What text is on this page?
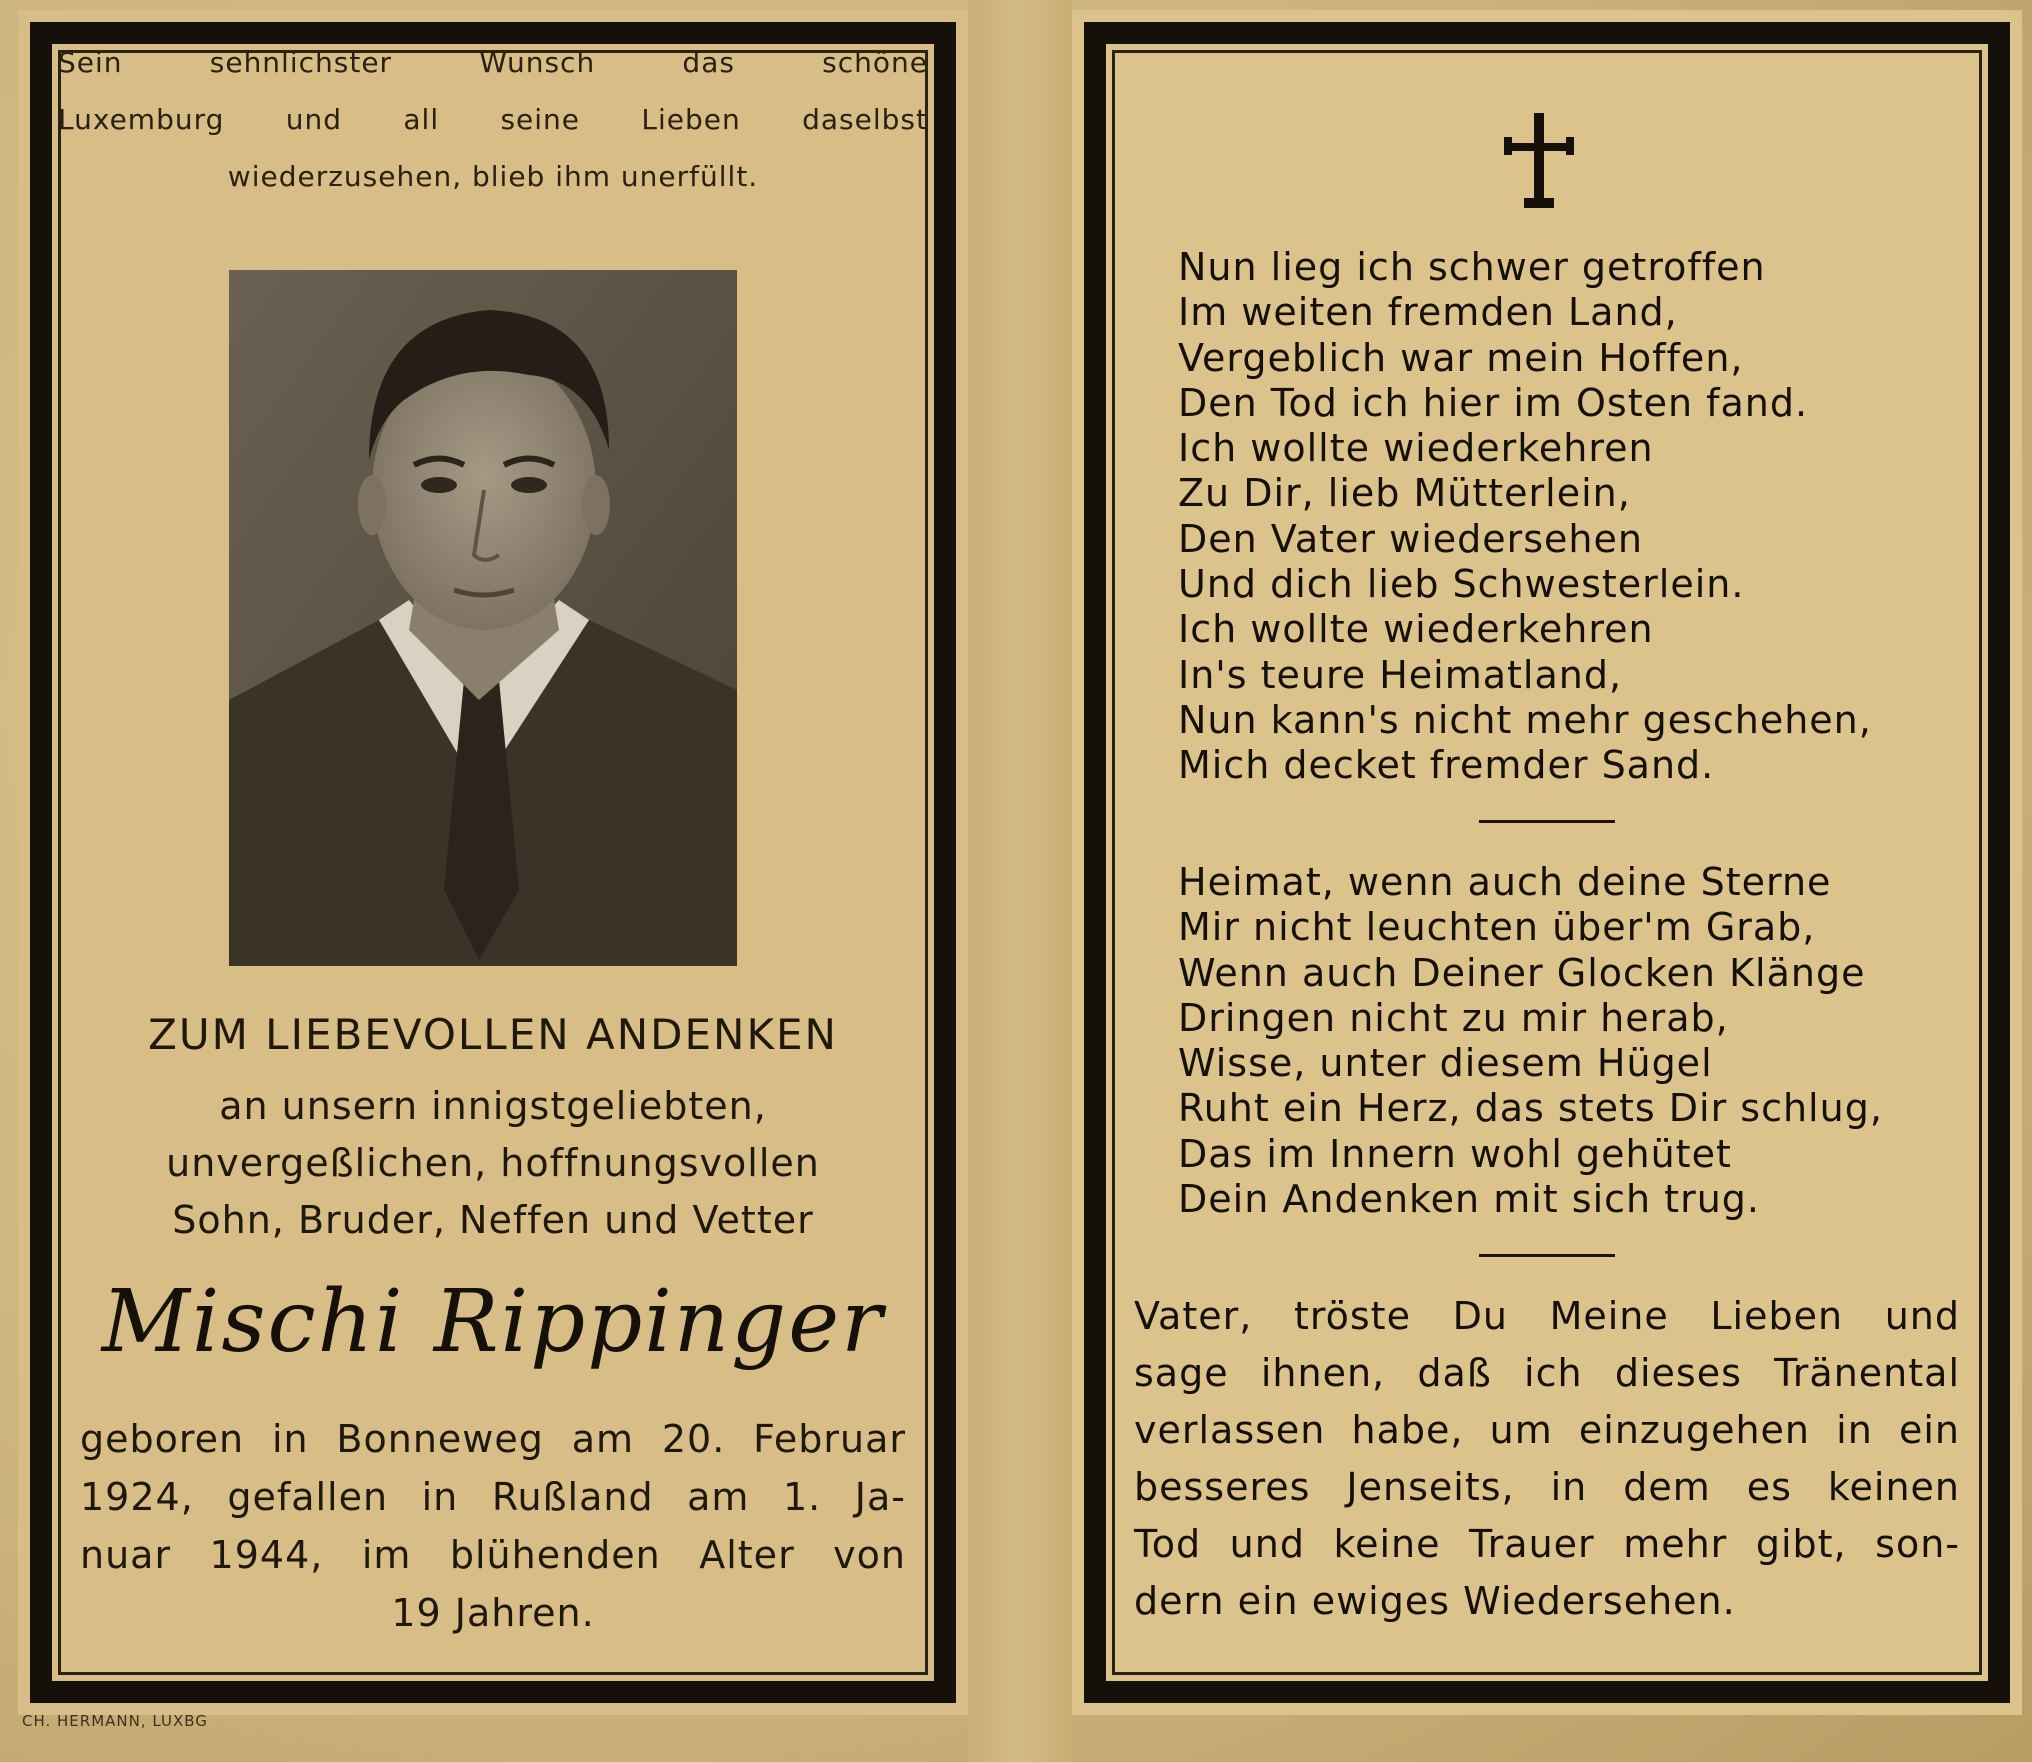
Sein sehnlichster Wunsch das schöne
Luxemburg und all seine Lieben daselbst
wiederzusehen, blieb ihm unerfüllt.
ZUM LIEBEVOLLEN ANDENKEN
an unsern innigstgeliebten,
unvergeßlichen, hoffnungsvollen
Sohn, Bruder, Neffen und Vetter
Mischi Rippinger
geboren in Bonneweg am 20. Februar
1924, gefallen in Rußland am 1. Ja-
nuar 1944, im blühenden Alter von
19 Jahren.
CH. HERMANN, LUXBG
Nun lieg ich schwer getroffen
Im weiten fremden Land,
Vergeblich war mein Hoffen,
Den Tod ich hier im Osten fand.
Ich wollte wiederkehren
Zu Dir, lieb Mütterlein,
Den Vater wiedersehen
Und dich lieb Schwesterlein.
Ich wollte wiederkehren
In's teure Heimatland,
Nun kann's nicht mehr geschehen,
Mich decket fremder Sand.
Heimat, wenn auch deine Sterne
Mir nicht leuchten über'm Grab,
Wenn auch Deiner Glocken Klänge
Dringen nicht zu mir herab,
Wisse, unter diesem Hügel
Ruht ein Herz, das stets Dir schlug,
Das im Innern wohl gehütet
Dein Andenken mit sich trug.
Vater, tröste Du Meine Lieben und
sage ihnen, daß ich dieses Tränental
verlassen habe, um einzugehen in ein
besseres Jenseits, in dem es keinen
Tod und keine Trauer mehr gibt, son-
dern ein ewiges Wiedersehen.
